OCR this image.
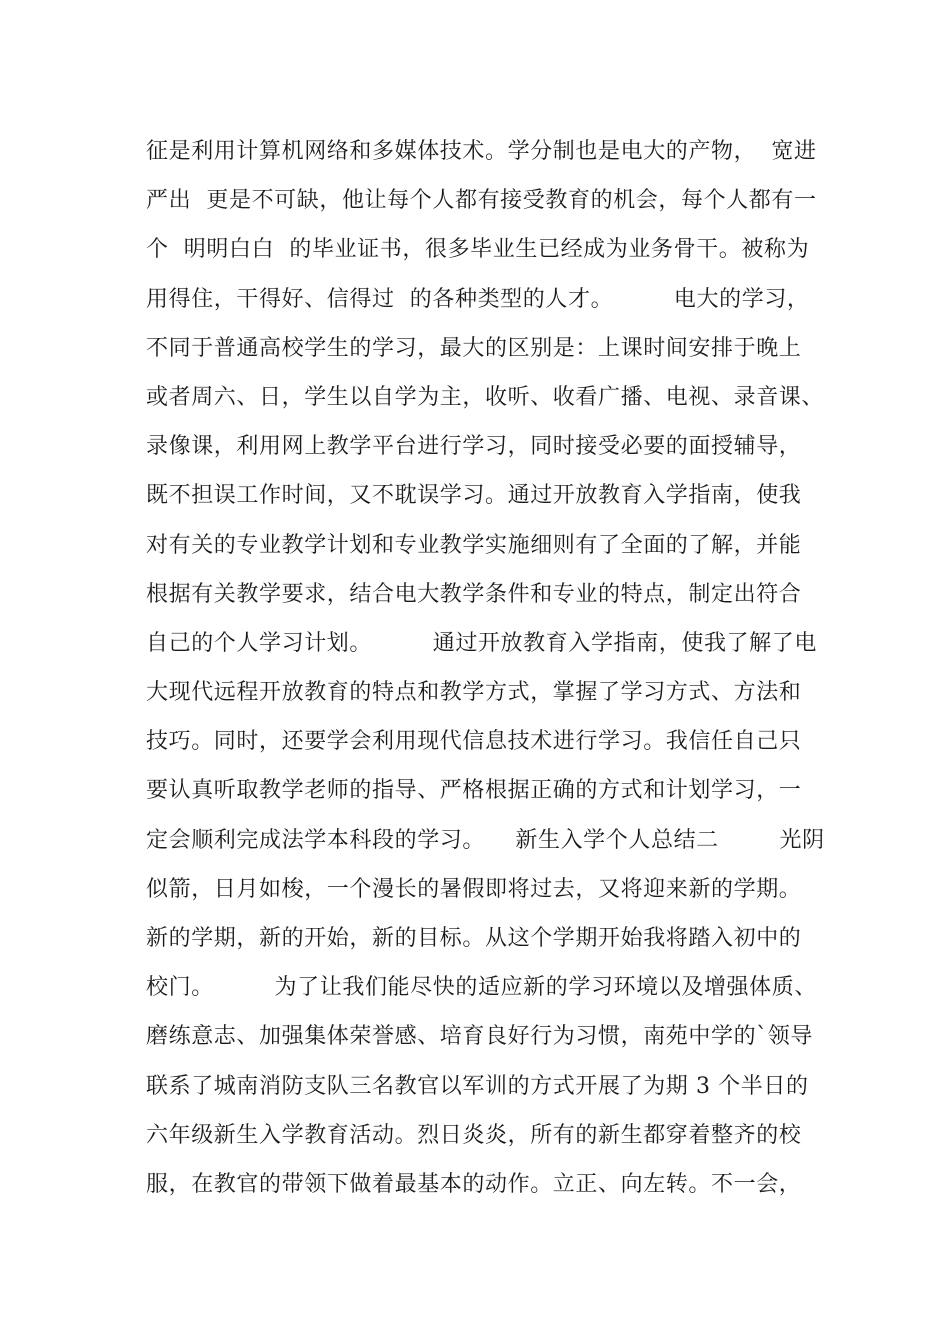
征是利用计算机网络和多媒体技术。学分制也是电大的产物，  宽进
严出  更是不可缺，他让每个人都有接受教育的机会，每个人都有一
个  明明白白  的毕业证书，很多毕业生已经成为业务骨干。被称为
用得住，干得好、信得过  的各种类型的人才。        电大的学习，
不同于普通高校学生的学习，最大的区别是：上课时间安排于晚上
或者周六、日，学生以自学为主，收听、收看广播、电视、录音课、
录像课，利用网上教学平台进行学习，同时接受必要的面授辅导，
既不担误工作时间，又不耽误学习。通过开放教育入学指南，使我
对有关的专业教学计划和专业教学实施细则有了全面的了解，并能
根据有关教学要求，结合电大教学条件和专业的特点，制定出符合
自己的个人学习计划。        通过开放教育入学指南，使我了解了电
大现代远程开放教育的特点和教学方式，掌握了学习方式、方法和
技巧。同时，还要学会利用现代信息技术进行学习。我信任自己只
要认真听取教学老师的指导、严格根据正确的方式和计划学习，一
定会顺利完成法学本科段的学习。    新生入学个人总结二        光阴
似箭，日月如梭，一个漫长的暑假即将过去，又将迎来新的学期。
新的学期，新的开始，新的目标。从这个学期开始我将踏入初中的
校门。        为了让我们能尽快的适应新的学习环境以及增强体质、
磨练意志、加强集体荣誉感、培育良好行为习惯，南苑中学的`领导
联系了城南消防支队三名教官以军训的方式开展了为期 3 个半日的
六年级新生入学教育活动。烈日炎炎，所有的新生都穿着整齐的校
服，在教官的带领下做着最基本的动作。立正、向左转。不一会，
